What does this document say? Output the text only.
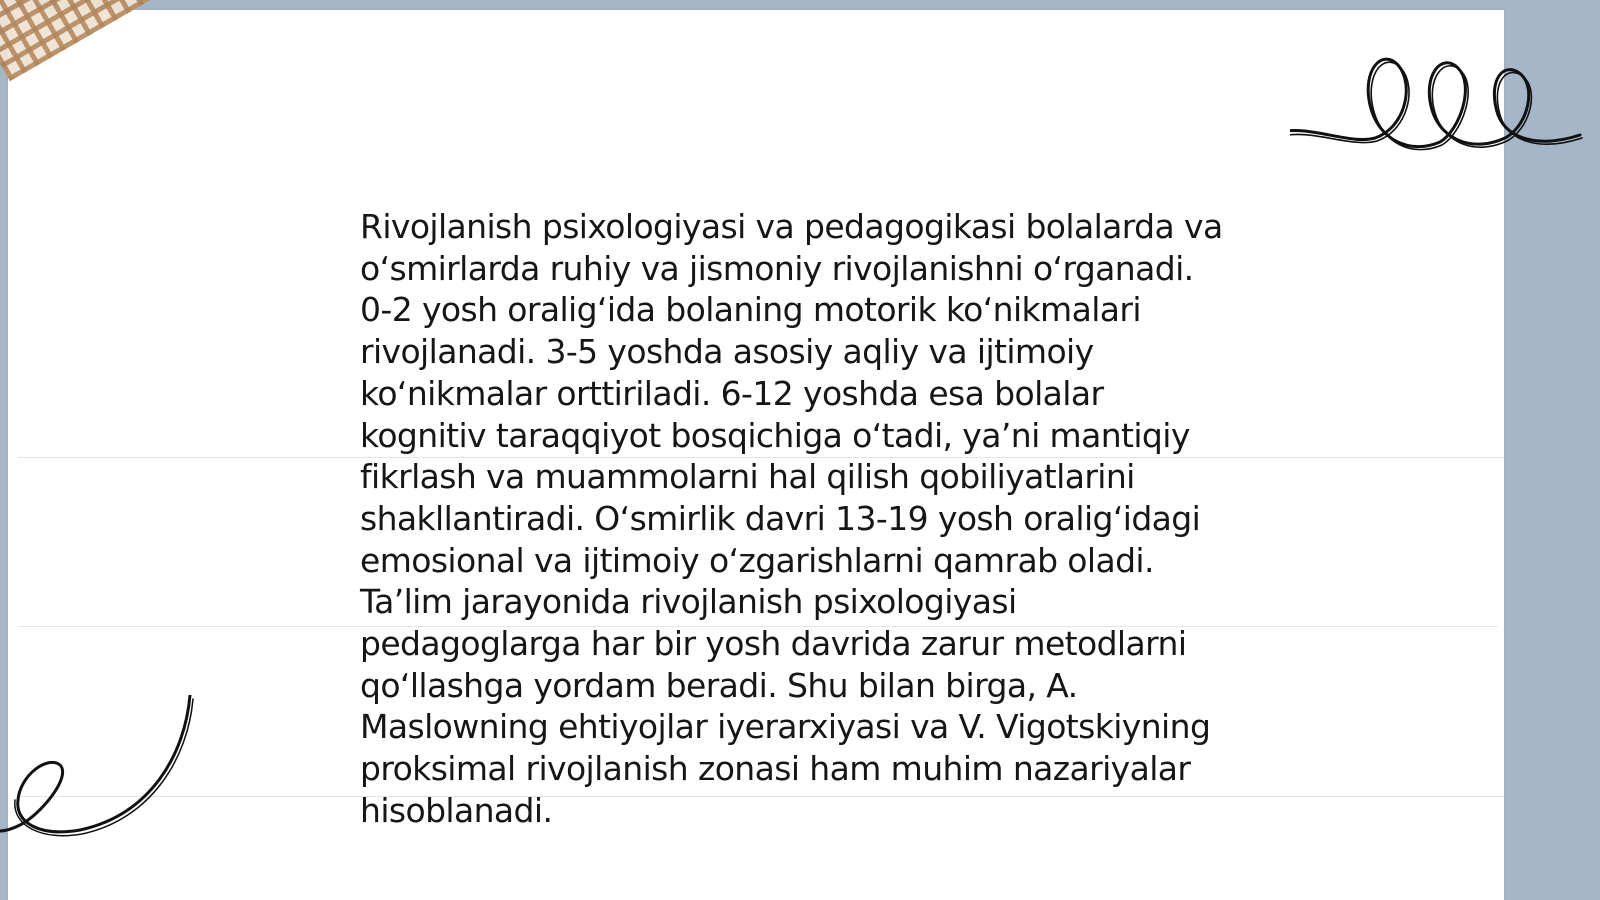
Rivojlanish psixologiyasi va pedagogikasi bolalarda va
o‘smirlarda ruhiy va jismoniy rivojlanishni o‘rganadi.
0-2 yosh oralig‘ida bolaning motorik ko‘nikmalari
rivojlanadi. 3-5 yoshda asosiy aqliy va ijtimoiy
ko‘nikmalar orttiriladi. 6-12 yoshda esa bolalar
kognitiv taraqqiyot bosqichiga o‘tadi, ya’ni mantiqiy
fikrlash va muammolarni hal qilish qobiliyatlarini
shakllantiradi. O‘smirlik davri 13-19 yosh oralig‘idagi
emosional va ijtimoiy o‘zgarishlarni qamrab oladi.
Ta’lim jarayonida rivojlanish psixologiyasi
pedagoglarga har bir yosh davrida zarur metodlarni
qo‘llashga yordam beradi. Shu bilan birga, A.
Maslowning ehtiyojlar iyerarxiyasi va V. Vigotskiyning
proksimal rivojlanish zonasi ham muhim nazariyalar
hisoblanadi.
